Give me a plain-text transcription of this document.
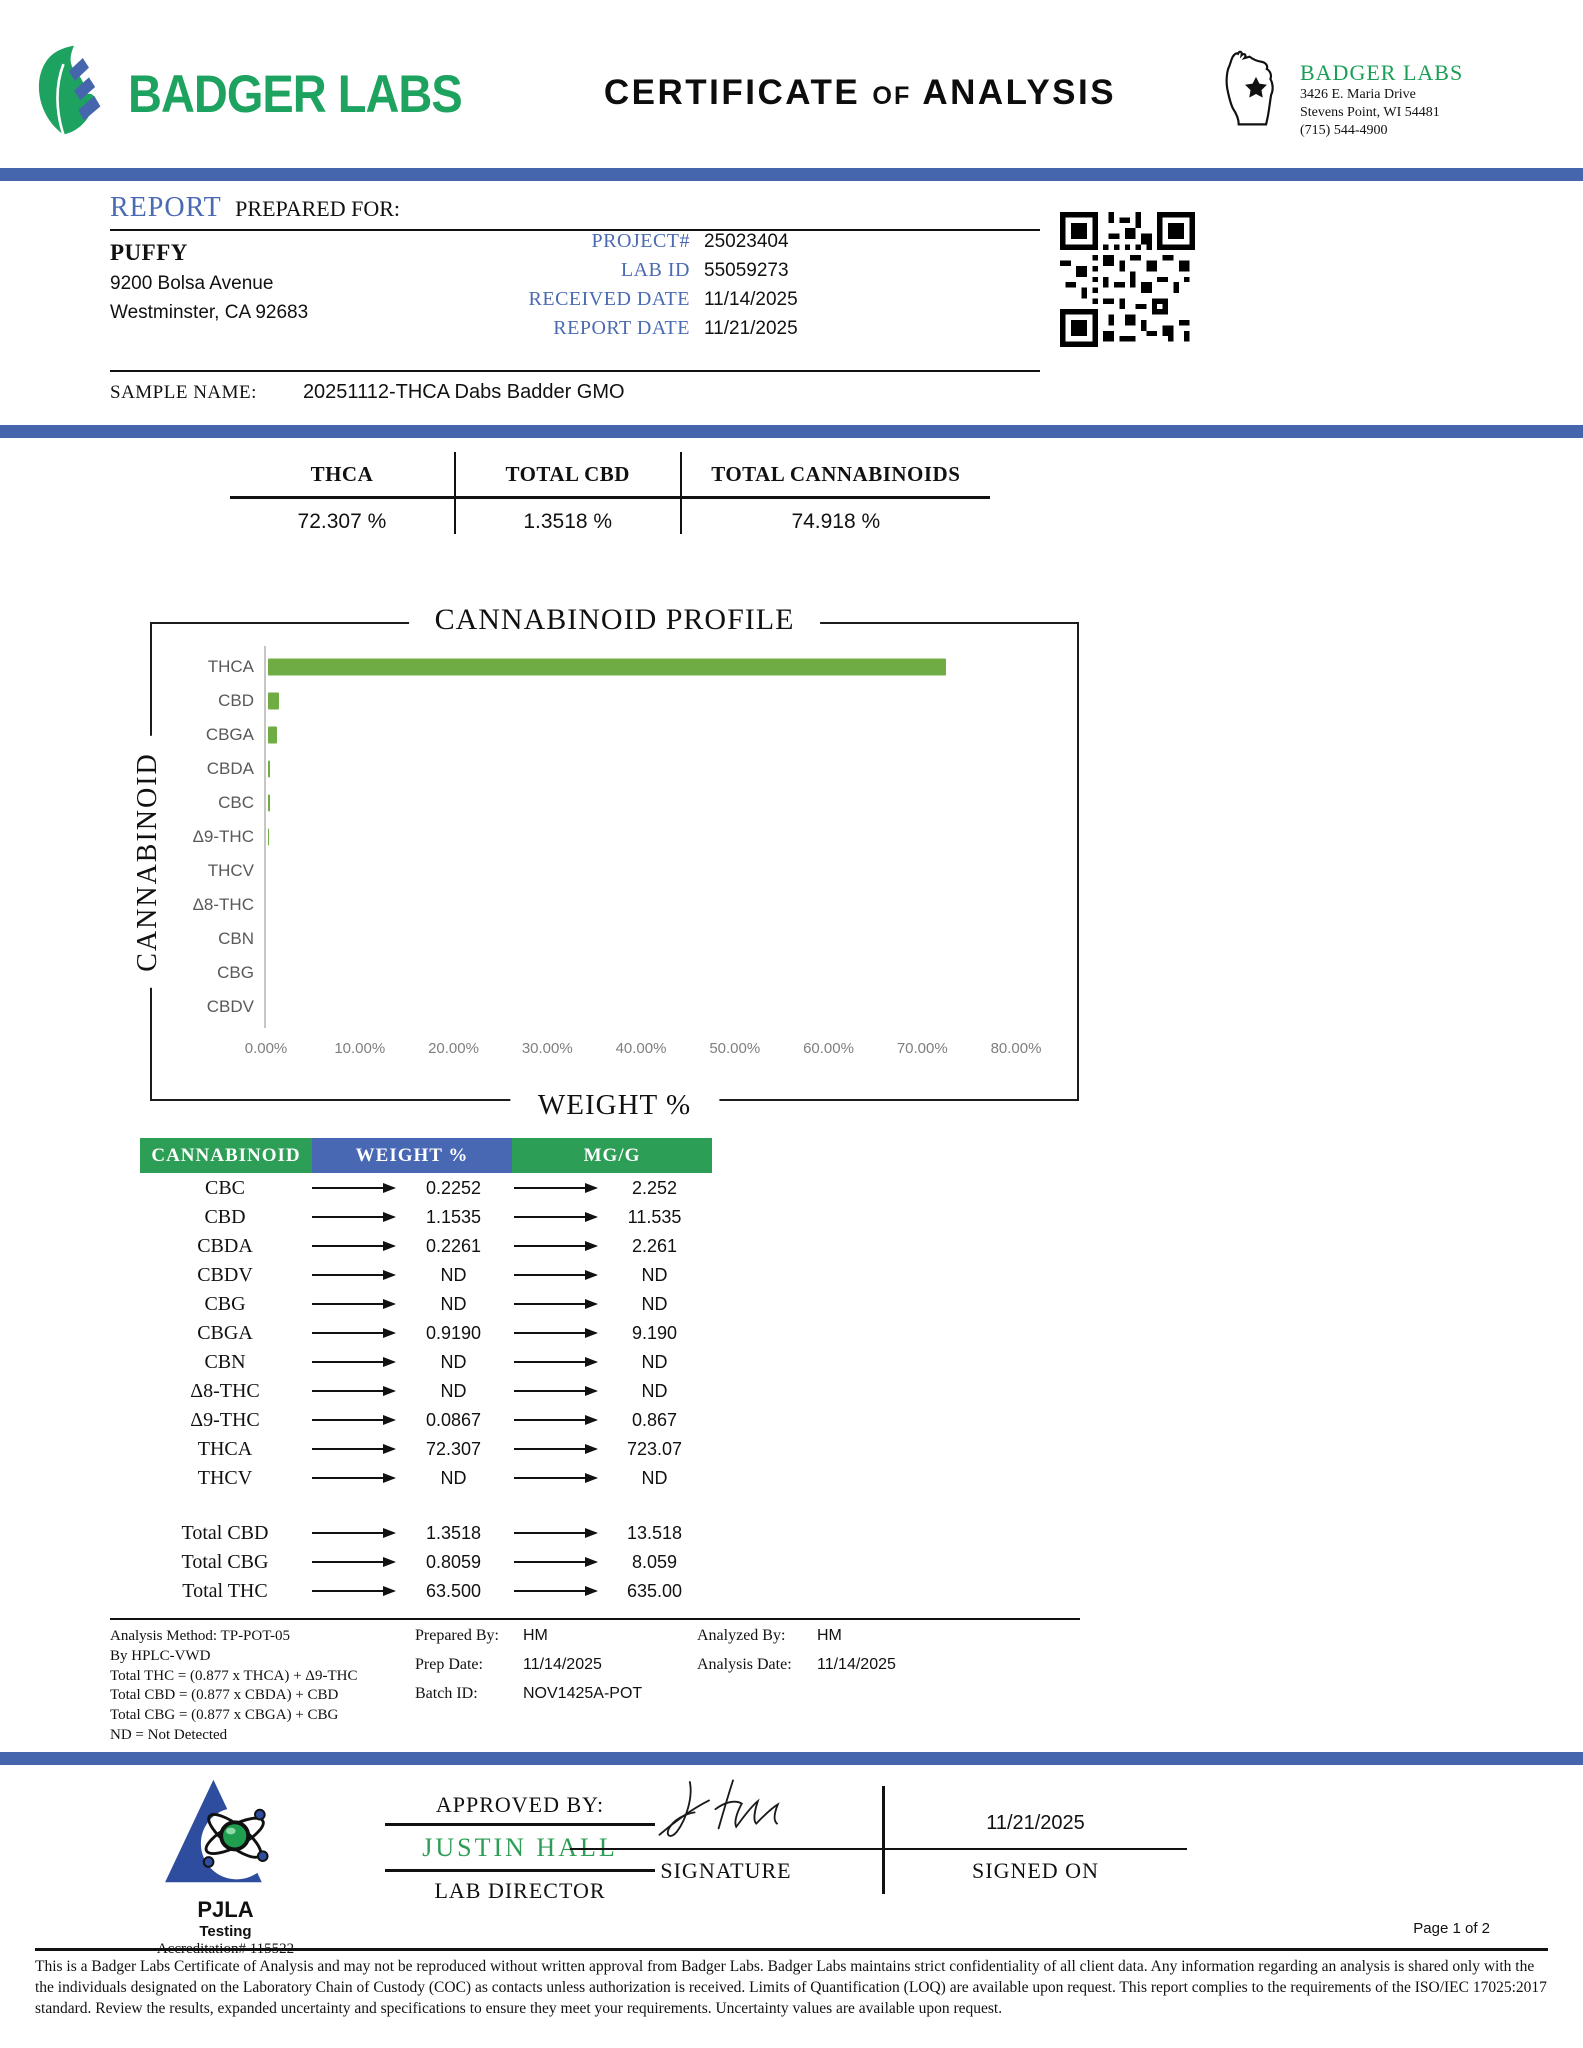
BADGER LABS	CERTIFICATE OF ANALYSIS
BADGER LABS
3426 E. Maria Drive
Stevens Point, WI 54481
(715) 544-4900
REPORT PREPARED FOR:
PUFFY
9200 Bolsa Avenue
Westminster, CA 92683
PROJECT# 25023404
LAB ID 55059273
RECEIVED DATE 11/14/2025
REPORT DATE 11/21/2025
SAMPLE NAME: 20251112-THCA Dabs Badder GMO
THCA
72.307 %
TOTAL CBD
1.3518 %
TOTAL CANNABINOIDS
74.918 %
CANNABINOID PROFILE
CANNABINOID
WEIGHT %
THCA
CBD
CBGA
CBDA
CBC
Δ9-THC
THCV
Δ8-THC
CBN
CBG
CBDV
0.00%	10.00%	20.00%	30.00%	40.00%	50.00%	60.00%	70.00%	80.00%
CANNABINOID	WEIGHT %	MG/G
CBC	0.2252	2.252
CBD	1.1535	11.535
CBDA	0.2261	2.261
CBDV	ND	ND
CBG	ND	ND
CBGA	0.9190	9.190
CBN	ND	ND
Δ8-THC	ND	ND
Δ9-THC	0.0867	0.867
THCA	72.307	723.07
THCV	ND	ND
Total CBD	1.3518	13.518
Total CBG	0.8059	8.059
Total THC	63.500	635.00
Analysis Method: TP-POT-05
By HPLC-VWD
Total THC = (0.877 x THCA) + Δ9-THC
Total CBD = (0.877 x CBDA) + CBD
Total CBG = (0.877 x CBGA) + CBG
ND = Not Detected
Prepared By:	HM
Prep Date:	11/14/2025
Batch ID:	NOV1425A-POT
Analyzed By:	HM
Analysis Date:	11/14/2025
PJLA
Testing
Accreditation# 115522
APPROVED BY:
JUSTIN HALL
LAB DIRECTOR
SIGNATURE
11/21/2025
SIGNED ON
Page 1 of 2
This is a Badger Labs Certificate of Analysis and may not be reproduced without written approval from Badger Labs. Badger Labs maintains strict confidentiality of all client data. Any information regarding an analysis is shared only with the the individuals designated on the Laboratory Chain of Custody (COC) as contacts unless authorization is received. Limits of Quantification (LOQ) are available upon request. This report complies to the requirements of the ISO/IEC 17025:2017 standard. Review the results, expanded uncertainty and specifications to ensure they meet your requirements. Uncertainty values are available upon request.
